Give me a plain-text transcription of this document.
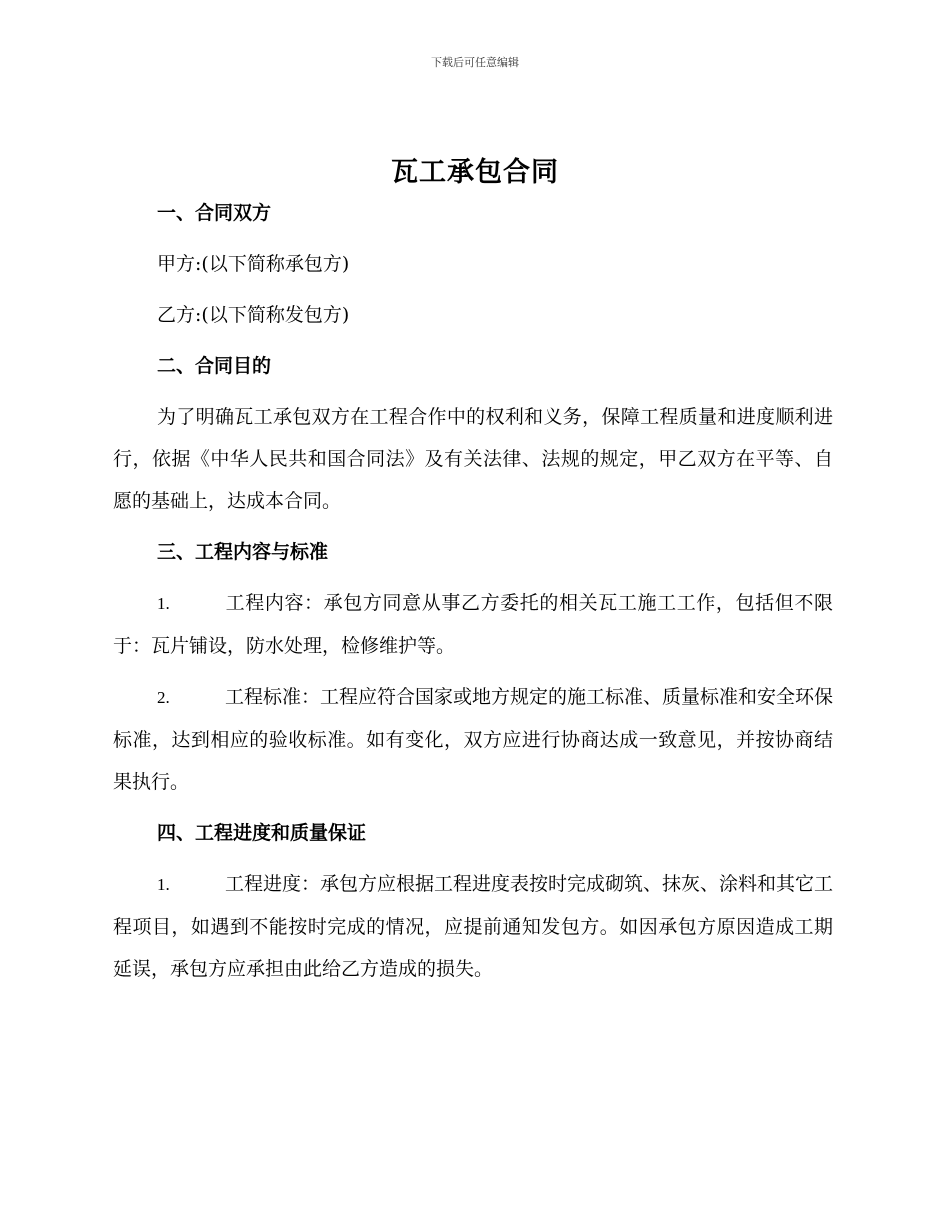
下载后可任意编辑
瓦工承包合同

一、合同双方

甲方:(以下简称承包方)

乙方:(以下简称发包方)

二、合同目的

为了明确瓦工承包双方在工程合作中的权利和义务，保障工程质量和进度顺利进行，依据《中华人民共和国合同法》及有关法律、法规的规定，甲乙双方在平等、自愿的基础上，达成本合同。

三、工程内容与标准

1.	工程内容：承包方同意从事乙方委托的相关瓦工施工工作，包括但不限于：瓦片铺设，防水处理，检修维护等。

2.	工程标准：工程应符合国家或地方规定的施工标准、质量标准和安全环保标准，达到相应的验收标准。如有变化，双方应进行协商达成一致意见，并按协商结果执行。

四、工程进度和质量保证

1.	工程进度：承包方应根据工程进度表按时完成砌筑、抹灰、涂料和其它工程项目，如遇到不能按时完成的情况，应提前通知发包方。如因承包方原因造成工期延误，承包方应承担由此给乙方造成的损失。
